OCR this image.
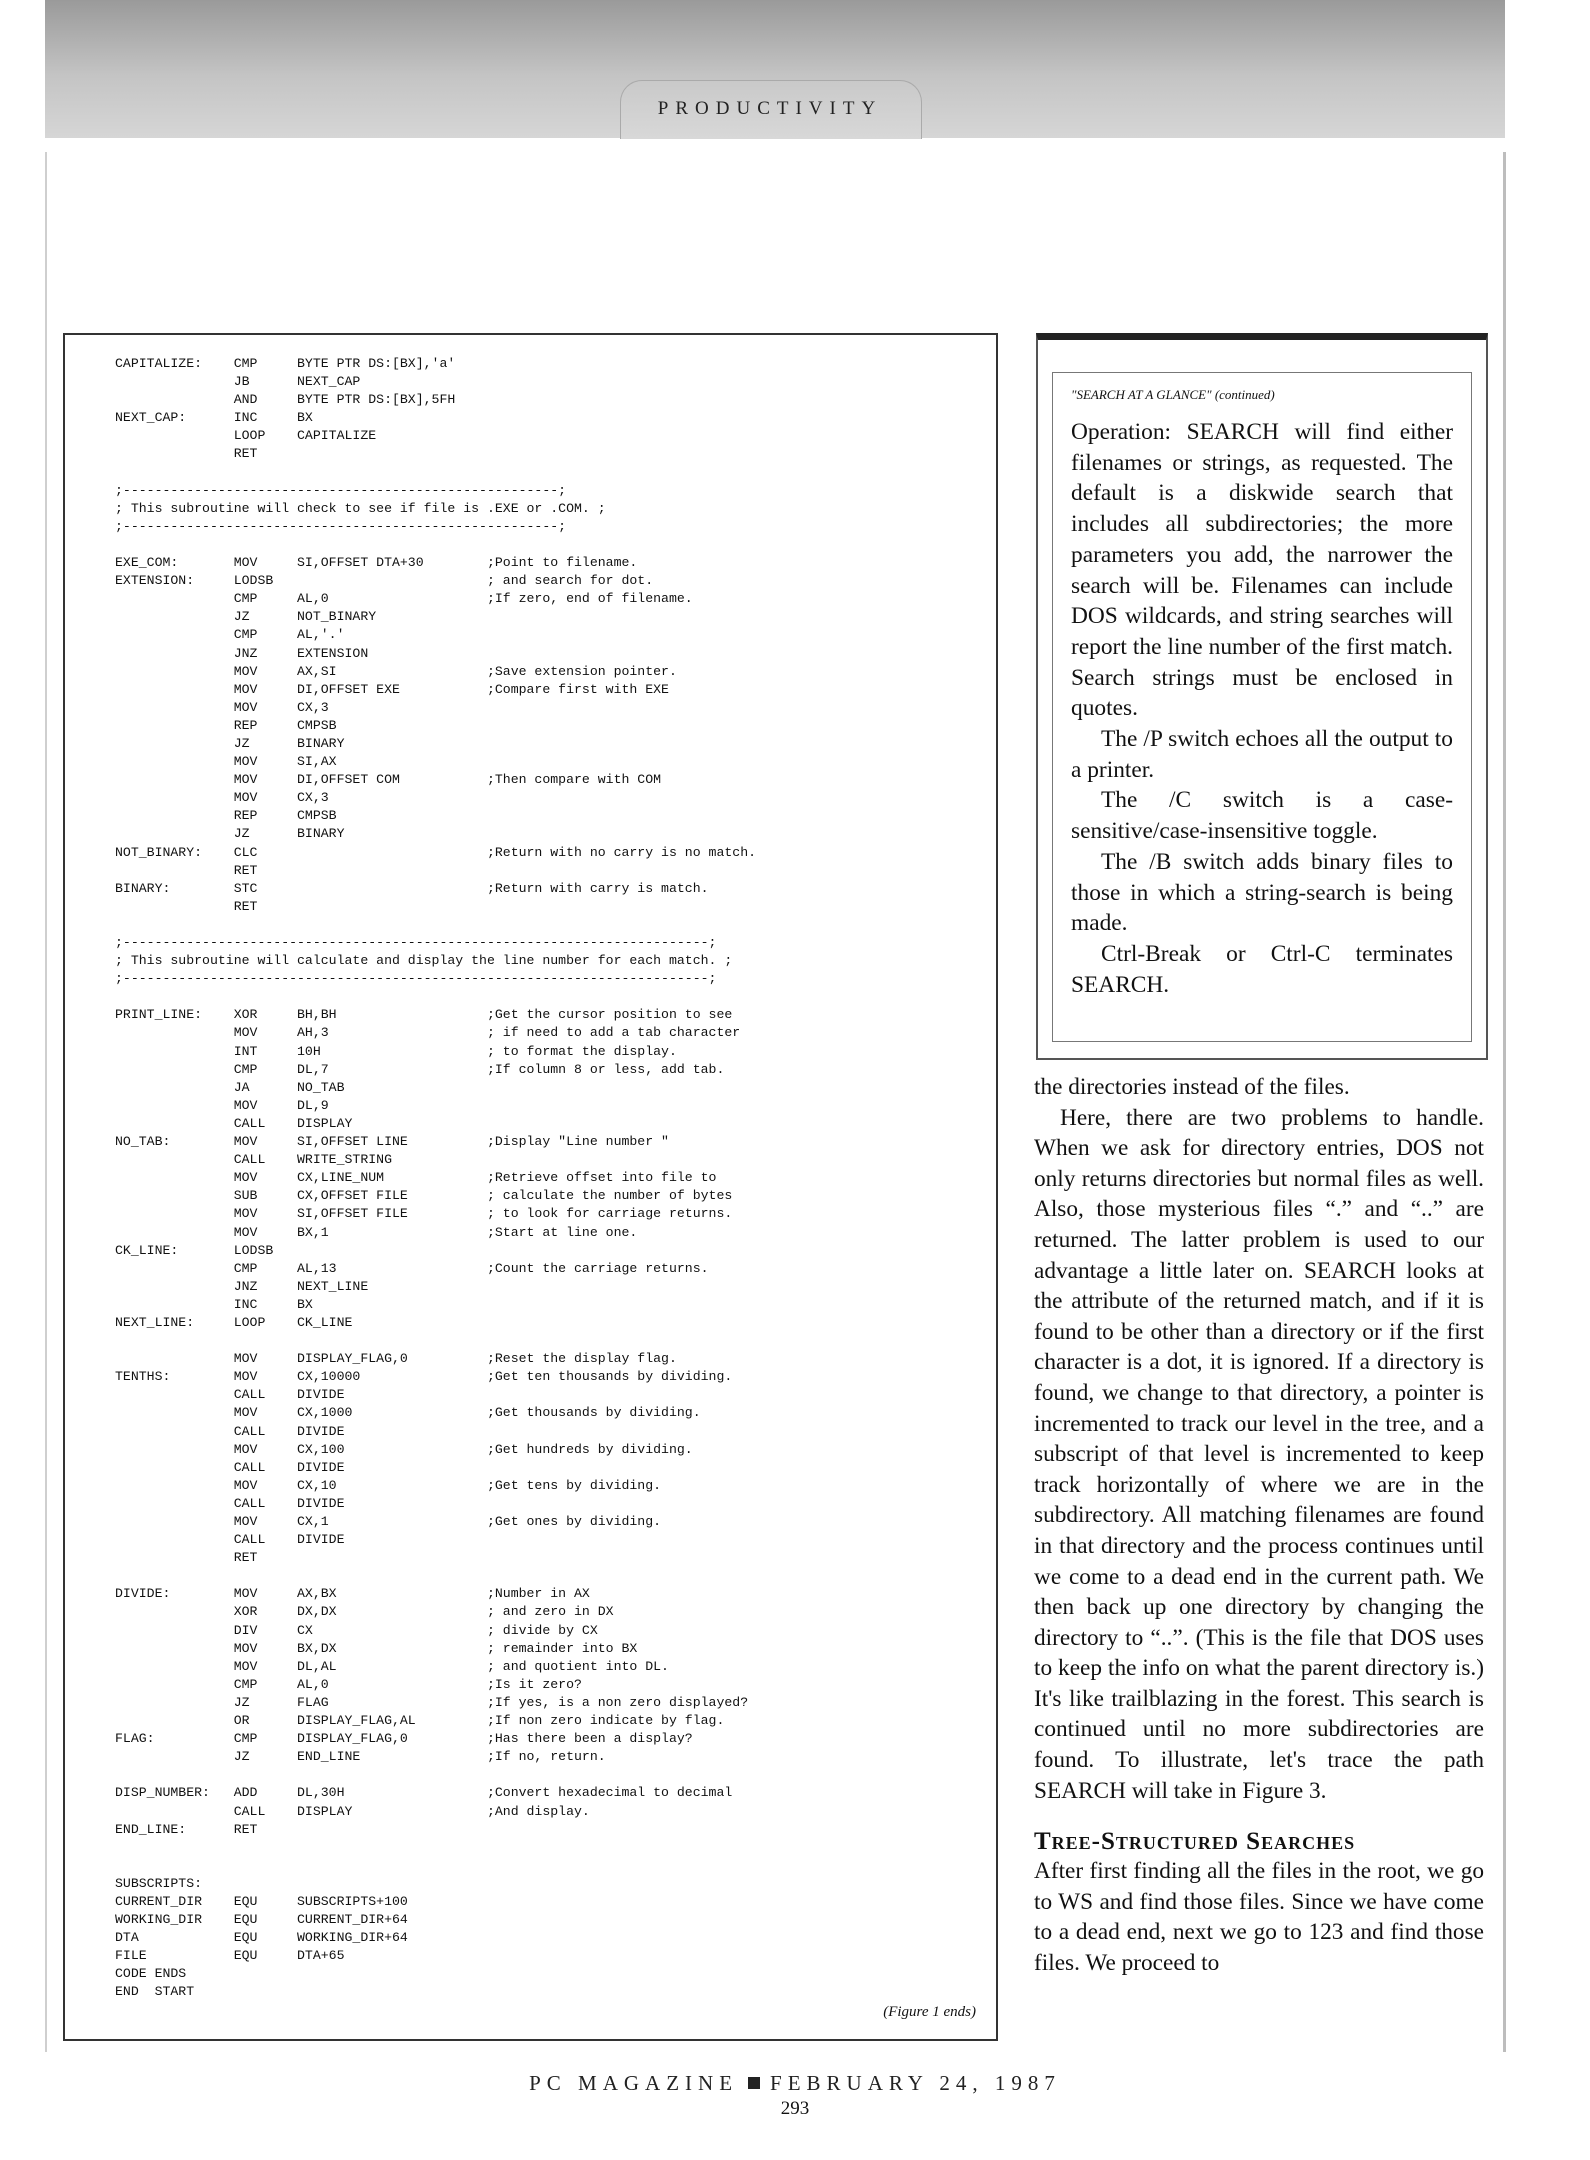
PRODUCTIVITY
CAPITALIZE:    CMP     BYTE PTR DS:[BX],'a'
JB      NEXT_CAP
AND     BYTE PTR DS:[BX],5FH
NEXT_CAP:      INC     BX
LOOP    CAPITALIZE
RET

;-------------------------------------------------------;
; This subroutine will check to see if file is .EXE or .COM. ;
;-------------------------------------------------------;

EXE_COM:       MOV     SI,OFFSET DTA+30        ;Point to filename.
EXTENSION:     LODSB                           ; and search for dot.
CMP     AL,0                    ;If zero, end of filename.
JZ      NOT_BINARY
CMP     AL,'.'
JNZ     EXTENSION
MOV     AX,SI                   ;Save extension pointer.
MOV     DI,OFFSET EXE           ;Compare first with EXE
MOV     CX,3
REP     CMPSB
JZ      BINARY
MOV     SI,AX
MOV     DI,OFFSET COM           ;Then compare with COM
MOV     CX,3
REP     CMPSB
JZ      BINARY
NOT_BINARY:    CLC                             ;Return with no carry is no match.
RET
BINARY:        STC                             ;Return with carry is match.
RET

;--------------------------------------------------------------------------;
; This subroutine will calculate and display the line number for each match. ;
;--------------------------------------------------------------------------;

PRINT_LINE:    XOR     BH,BH                   ;Get the cursor position to see
MOV     AH,3                    ; if need to add a tab character
INT     10H                     ; to format the display.
CMP     DL,7                    ;If column 8 or less, add tab.
JA      NO_TAB
MOV     DL,9
CALL    DISPLAY
NO_TAB:        MOV     SI,OFFSET LINE          ;Display "Line number "
CALL    WRITE_STRING
MOV     CX,LINE_NUM             ;Retrieve offset into file to
SUB     CX,OFFSET FILE          ; calculate the number of bytes
MOV     SI,OFFSET FILE          ; to look for carriage returns.
MOV     BX,1                    ;Start at line one.
CK_LINE:       LODSB
CMP     AL,13                   ;Count the carriage returns.
JNZ     NEXT_LINE
INC     BX
NEXT_LINE:     LOOP    CK_LINE

MOV     DISPLAY_FLAG,0          ;Reset the display flag.
TENTHS:        MOV     CX,10000                ;Get ten thousands by dividing.
CALL    DIVIDE
MOV     CX,1000                 ;Get thousands by dividing.
CALL    DIVIDE
MOV     CX,100                  ;Get hundreds by dividing.
CALL    DIVIDE
MOV     CX,10                   ;Get tens by dividing.
CALL    DIVIDE
MOV     CX,1                    ;Get ones by dividing.
CALL    DIVIDE
RET

DIVIDE:        MOV     AX,BX                   ;Number in AX
XOR     DX,DX                   ; and zero in DX
DIV     CX                      ; divide by CX
MOV     BX,DX                   ; remainder into BX
MOV     DL,AL                   ; and quotient into DL.
CMP     AL,0                    ;Is it zero?
JZ      FLAG                    ;If yes, is a non zero displayed?
OR      DISPLAY_FLAG,AL         ;If non zero indicate by flag.
FLAG:          CMP     DISPLAY_FLAG,0          ;Has there been a display?
JZ      END_LINE                ;If no, return.

DISP_NUMBER:   ADD     DL,30H                  ;Convert hexadecimal to decimal
CALL    DISPLAY                 ;And display.
END_LINE:      RET

SUBSCRIPTS:
CURRENT_DIR    EQU     SUBSCRIPTS+100
WORKING_DIR    EQU     CURRENT_DIR+64
DTA            EQU     WORKING_DIR+64
FILE           EQU     DTA+65
CODE ENDS
END  START
(Figure 1 ends)
"SEARCH AT A GLANCE" (continued)

Operation: SEARCH will find either filenames or strings, as requested. The default is a diskwide search that includes all subdirectories; the more parameters you add, the narrower the search will be. Filenames can include DOS wildcards, and string searches will report the line number of the first match. Search strings must be enclosed in quotes.

The /P switch echoes all the output to a printer.

The /C switch is a case-sensitive/case-insensitive toggle.

The /B switch adds binary files to those in which a string-search is being made.

Ctrl-Break or Ctrl-C terminates SEARCH.

the directories instead of the files.

Here, there are two problems to handle. When we ask for directory entries, DOS not only returns directories but normal files as well. Also, those mysterious files “.” and “..” are returned. The latter problem is used to our advantage a little later on. SEARCH looks at the attribute of the returned match, and if it is found to be other than a directory or if the first character is a dot, it is ignored. If a directory is found, we change to that directory, a pointer is incremented to track our level in the tree, and a subscript of that level is incremented to keep track horizontally of where we are in the subdirectory. All matching filenames are found in that directory and the process continues until we come to a dead end in the current path. We then back up one directory by changing the directory to “..”. (This is the file that DOS uses to keep the info on what the parent directory is.) It's like trailblazing in the forest. This search is continued until no more subdirectories are found. To illustrate, let's trace the path SEARCH will take in Figure 3.

Tree-Structured Searches

After first finding all the files in the root, we go to WS and find those files. Since we have come to a dead end, next we go to 123 and find those files. We proceed to

PC MAGAZINE FEBRUARY 24, 1987
293
